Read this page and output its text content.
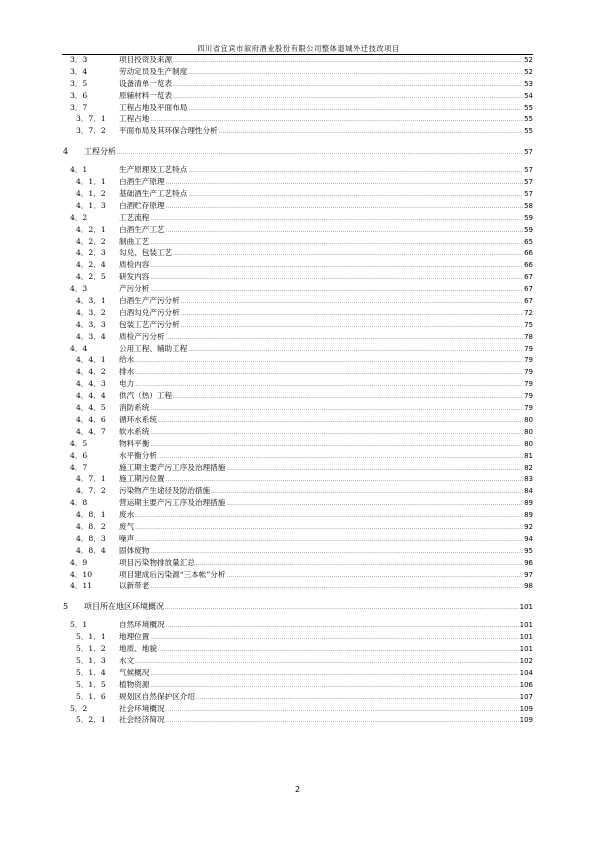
四川省宜宾市叙府酒业股份有限公司整体退城外迁技改项目
3．3	项目投资及来源 .....	52
3．4	劳动定员及生产制度 .....	52
3．5	设备清单一览表 .....	53
3．6	原辅材料一览表 .....	54
3．7	工程占地及平面布局 .....	55
3．7．1	工程占地 .....	55
3．7．2	平面布局及其环保合理性分析 .....	55
4	工程分析 .....	57
4．1	生产原理及工艺特点 .....	57
4．1．1	白酒生产原理 .....	57
4．1．2	基础酒生产工艺特点 .....	57
4．1．3	白酒贮存原理 .....	58
4．2	工艺流程 .....	59
4．2．1	白酒生产工艺 .....	59
4．2．2	制曲工艺 .....	65
4．2．3	勾兑、包装工艺 .....	66
4．2．4	质检内容 .....	66
4．2．5	研发内容 .....	67
4．3	产污分析 .....	67
4．3．1	白酒生产产污分析 .....	67
4．3．2	白酒勾兑产污分析 .....	72
4．3．3	包装工艺产污分析 .....	75
4．3．4	质检产污分析 .....	78
4．4	公用工程、辅助工程 .....	79
4．4．1	给水 .....	79
4．4．2	排水 .....	79
4．4．3	电力 .....	79
4．4．4	供汽（热）工程 .....	79
4．4．5	消防系统 .....	79
4．4．6	循环水系统 .....	80
4．4．7	软水系统 .....	80
4．5	物料平衡 .....	80
4．6	水平衡分析 .....	81
4．7	施工期主要产污工序及治理措施 .....	82
4．7．1	施工期污位置 .....	83
4．7．2	污染物产生途径及防治措施 .....	84
4．8	营运期主要产污工序及治理措施 .....	89
4．8．1	废水 .....	89
4．8．2	废气 .....	92
4．8．3	噪声 .....	94
4．8．4	固体废物 .....	95
4．9	项目污染物排放量汇总 .....	96
4．10	项目建成后污染源“三本帐”分析 .....	97
4．11	以新带老 .....	98
5	项目所在地区环境概况 .....	101
5．1	自然环境概况 .....	101
5．1．1	地理位置 .....	101
5．1．2	地质、地貌 .....	101
5．1．3	水文 .....	102
5．1．4	气候概况 .....	104
5．1．5	植物资源 .....	106
5．1．6	规划区自然保护区介绍 .....	107
5．2	社会环境概况 .....	109
5．2．1	社会经济简况 .....	109
2
